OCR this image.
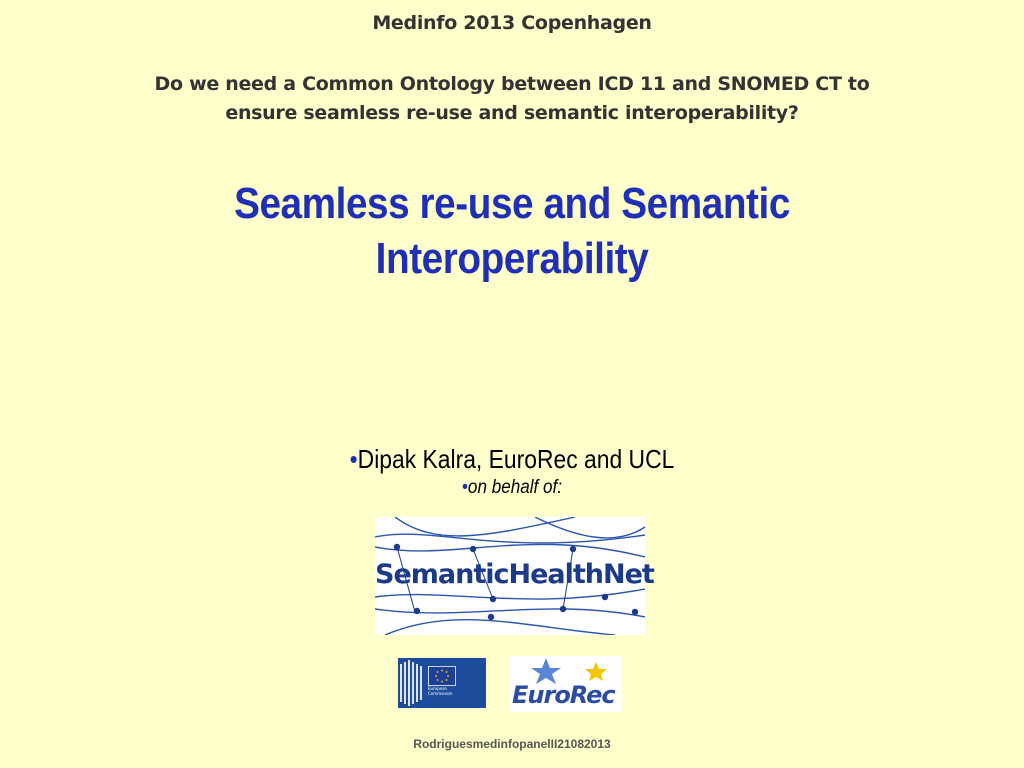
Medinfo 2013 Copenhagen
Do we need a Common Ontology between ICD 11 and SNOMED CT to
ensure seamless re-use and semantic interoperability?
Seamless re-use and Semantic
Interoperability
•Dipak Kalra, EuroRec and UCL
•on behalf of:
SemanticHealthNet
European
Commission	EuroRec
RodriguesmedinfopanelII21082013
